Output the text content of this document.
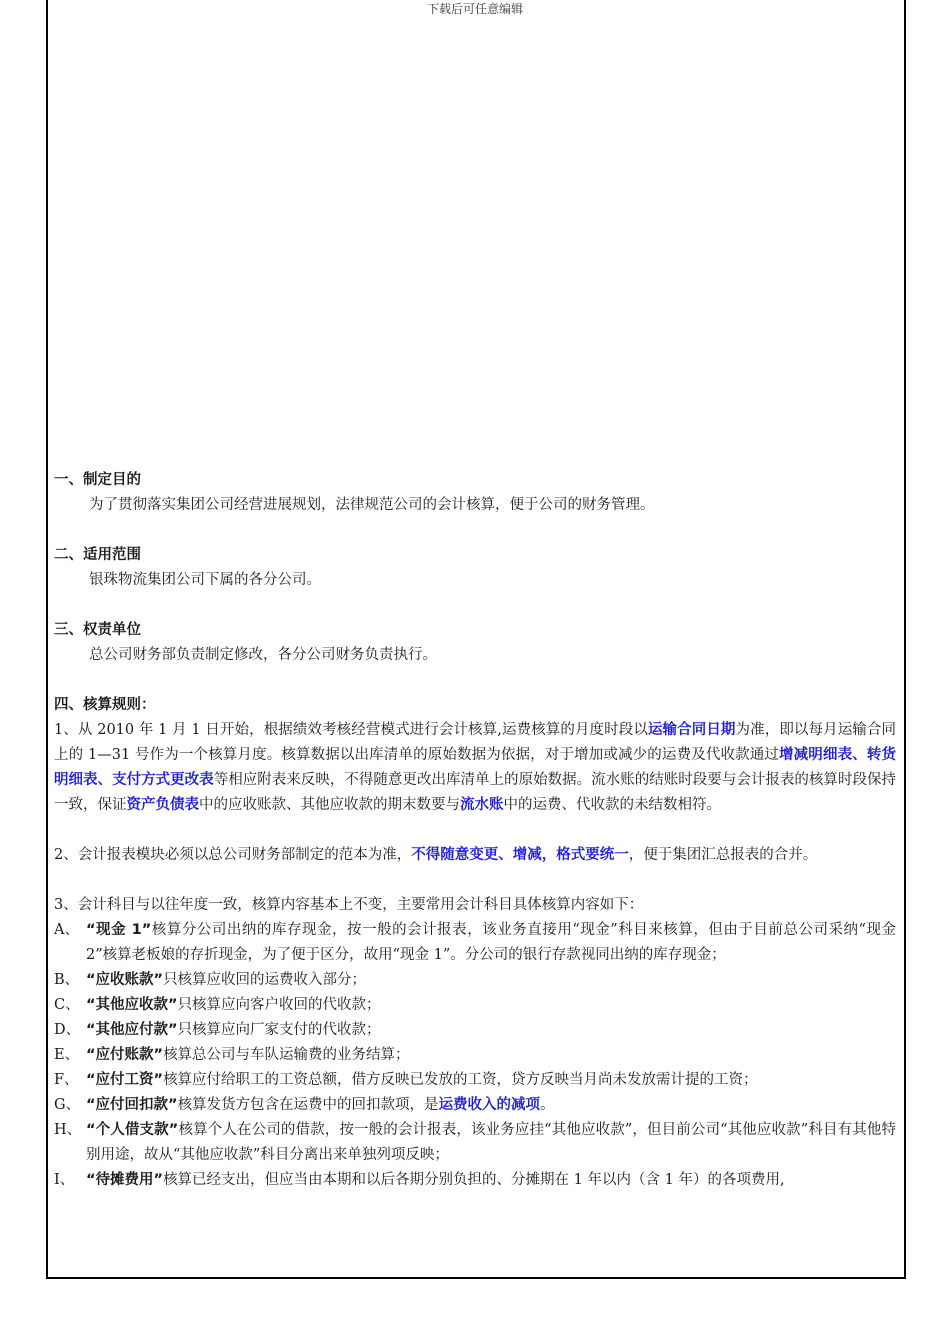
下载后可任意编辑

一、制定目的

为了贯彻落实集团公司经营进展规划，法律规范公司的会计核算，便于公司的财务管理。

二、适用范围

银珠物流集团公司下属的各分公司。

三、权责单位

总公司财务部负责制定修改，各分公司财务负责执行。

四、核算规则：

1、从 2010 年 1 月 1 日开始，根据绩效考核经营模式进行会计核算,运费核算的月度时段以运输合同日期为准，即以每月运输合同上的 1—31 号作为一个核算月度。核算数据以出库清单的原始数据为依据，对于增加或减少的运费及代收款通过增减明细表、转货明细表、支付方式更改表等相应附表来反映，不得随意更改出库清单上的原始数据。流水账的结账时段要与会计报表的核算时段保持一致，保证资产负债表中的应收账款、其他应收款的期末数要与流水账中的运费、代收款的未结数相符。

2、会计报表模块必须以总公司财务部制定的范本为准，不得随意变更、增减，格式要统一，便于集团汇总报表的合并。

3、会计科目与以往年度一致，核算内容基本上不变，主要常用会计科目具体核算内容如下：

A、 “现金 1”核算分公司出纳的库存现金，按一般的会计报表，该业务直接用“现金”科目来核算，但由于目前总公司采纳“现金 2”核算老板娘的存折现金，为了便于区分，故用“现金 1”。分公司的银行存款视同出纳的库存现金；

B、 “应收账款”只核算应收回的运费收入部分；

C、 “其他应收款”只核算应向客户收回的代收款；

D、 “其他应付款”只核算应向厂家支付的代收款；

E、 “应付账款”核算总公司与车队运输费的业务结算；

F、 “应付工资”核算应付给职工的工资总额，借方反映已发放的工资，贷方反映当月尚未发放需计提的工资；

G、 “应付回扣款”核算发货方包含在运费中的回扣款项，是运费收入的减项。

H、 “个人借支款”核算个人在公司的借款，按一般的会计报表，该业务应挂“其他应收款”，但目前公司“其他应收款”科目有其他特别用途，故从“其他应收款”科目分离出来单独列项反映；

I、 “待摊费用”核算已经支出，但应当由本期和以后各期分别负担的、分摊期在 1 年以内（含 1 年）的各项费用,
